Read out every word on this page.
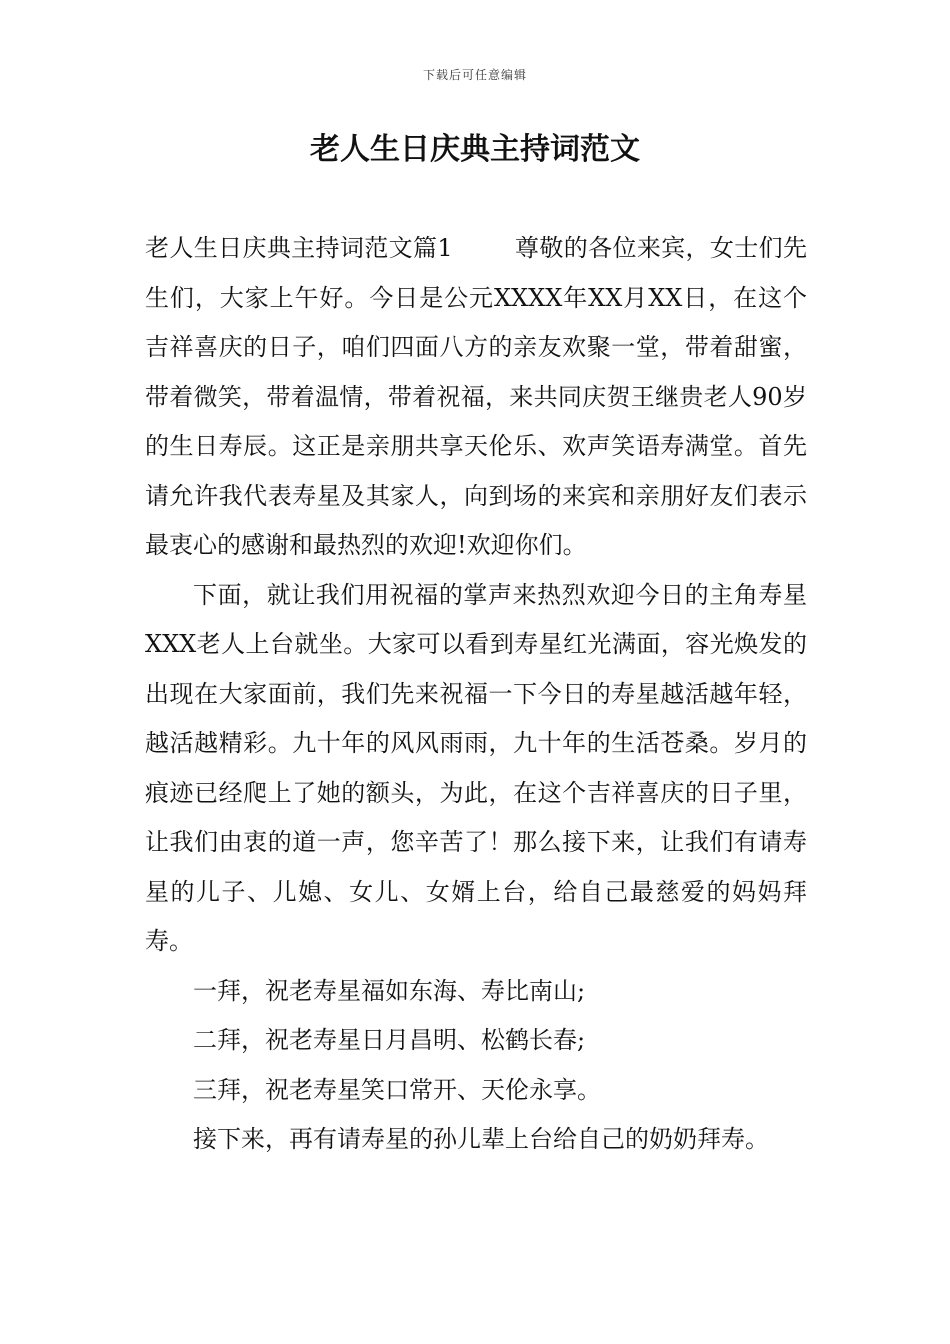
下载后可任意编辑
老人生日庆典主持词范文

老人生日庆典主持词范文篇1	尊敬的各位来宾，女士们先生们，大家上午好。今日是公元XXXX年XX月XX日，在这个吉祥喜庆的日子，咱们四面八方的亲友欢聚一堂，带着甜蜜，带着微笑，带着温情，带着祝福，来共同庆贺王继贵老人90岁的生日寿辰。这正是亲朋共享天伦乐、欢声笑语寿满堂。首先请允许我代表寿星及其家人，向到场的来宾和亲朋好友们表示最衷心的感谢和最热烈的欢迎!欢迎你们。

下面，就让我们用祝福的掌声来热烈欢迎今日的主角寿星XXX老人上台就坐。大家可以看到寿星红光满面，容光焕发的出现在大家面前，我们先来祝福一下今日的寿星越活越年轻，越活越精彩。九十年的风风雨雨，九十年的生活苍桑。岁月的痕迹已经爬上了她的额头，为此，在这个吉祥喜庆的日子里，让我们由衷的道一声，您辛苦了！那么接下来，让我们有请寿星的儿子、儿媳、女儿、女婿上台，给自己最慈爱的妈妈拜寿。

一拜，祝老寿星福如东海、寿比南山;

二拜，祝老寿星日月昌明、松鹤长春;

三拜，祝老寿星笑口常开、天伦永享。

接下来，再有请寿星的孙儿辈上台给自己的奶奶拜寿。
